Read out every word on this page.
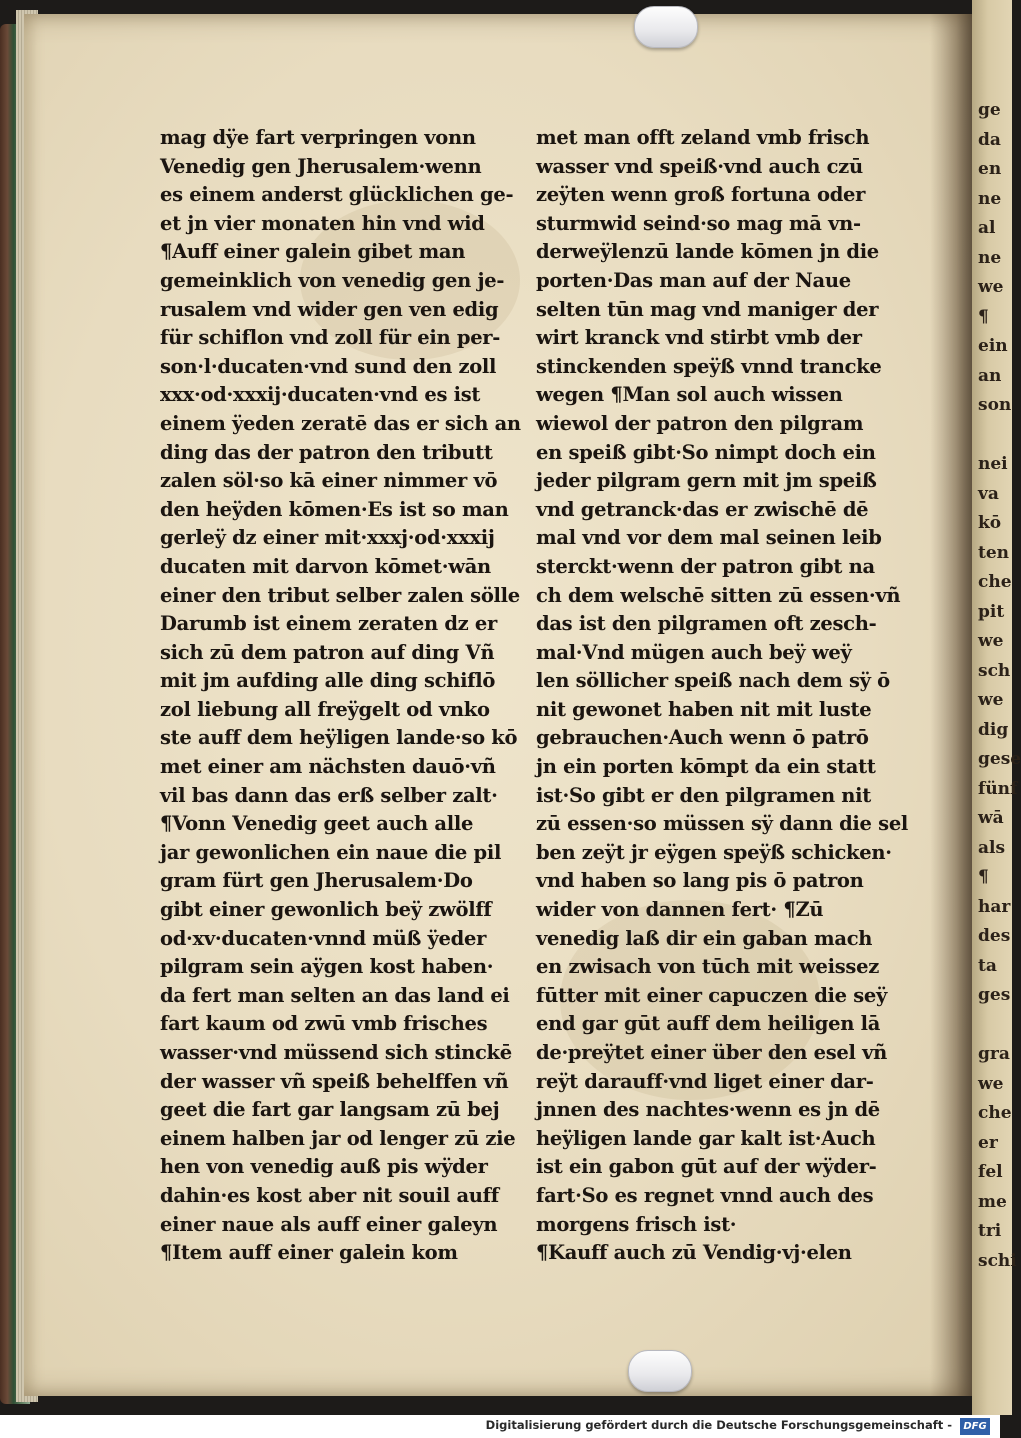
mag dÿe fart verpringen vonn
Venedig gen Jherusalem·wenn
es einem anderst glücklichen ge-
et jn vier monaten hin vnd wid
¶Auff einer galein gibet man
gemeinklich von venedig gen je-
rusalem vnd wider gen ven edig
für schiflon vnd zoll für ein per-
son·l·ducaten·vnd sund den zoll
xxx·od·xxxij·ducaten·vnd es ist
einem ÿeden zeratē das er sich an
ding das der patron den tributt
zalen söl·so kā einer nimmer vō
den heÿden kōmen·Es ist so man
gerleÿ dz einer mit·xxxj·od·xxxij
ducaten mit darvon kōmet·wān
einer den tribut selber zalen sölle
Darumb ist einem zeraten dz er
sich zū dem patron auf ding Vñ
mit jm aufding alle ding schiflō
zol liebung all freÿgelt od vnko
ste auff dem heÿligen lande·so kō
met einer am nächsten dauō·vñ
vil bas dann das erß selber zalt·
¶Vonn Venedig geet auch alle
jar gewonlichen ein naue die pil
gram fürt gen Jherusalem·Do
gibt einer gewonlich beÿ zwölff
od·xv·ducaten·vnnd müß ÿeder
pilgram sein aÿgen kost haben·
da fert man selten an das land ei
fart kaum od zwū vmb frisches
wasser·vnd müssend sich stinckē
der wasser vñ speiß behelffen vñ
geet die fart gar langsam zū bej
einem halben jar od lenger zū zie
hen von venedig auß pis wÿder
dahin·es kost aber nit souil auff
einer naue als auff einer galeyn
¶Item auff einer galein kom
met man offt zeland vmb frisch
wasser vnd speiß·vnd auch czū
zeÿten wenn groß fortuna oder
sturmwid seind·so mag mā vn-
derweÿlenzū lande kōmen jn die
porten·Das man auf der Naue
selten tūn mag vnd maniger der
wirt kranck vnd stirbt vmb der
stinckenden speÿß vnnd trancke
wegen ¶Man sol auch wissen
wiewol der patron den pilgram
en speiß gibt·So nimpt doch ein
jeder pilgram gern mit jm speiß
vnd getranck·das er zwischē dē
mal vnd vor dem mal seinen leib
sterckt·wenn der patron gibt na
ch dem welschē sitten zū essen·vñ
das ist den pilgramen oft zesch-
mal·Vnd mügen auch beÿ weÿ
len söllicher speiß nach dem sÿ ō
nit gewonet haben nit mit luste
gebrauchen·Auch wenn ō patrō
jn ein porten kōmpt da ein statt
ist·So gibt er den pilgramen nit
zū essen·so müssen sÿ dann die sel
ben zeÿt jr eÿgen speÿß schicken·
vnd haben so lang pis ō patron
wider von dannen fert· ¶Zū
venedig laß dir ein gaban mach
en zwisach von tūch mit weissez
fūtter mit einer capuczen die seÿ
end gar gūt auff dem heiligen lā
de·preÿtet einer über den esel vñ
reÿt darauff·vnd liget einer dar-
jnnen des nachtes·wenn es jn dē
heÿligen lande gar kalt ist·Auch
ist ein gabon gūt auf der wÿder-
fart·So es regnet vnnd auch des
morgens frisch ist·
¶Kauff auch zū Vendig·vj·elen
ge
da
en
ne
al
ne
we
¶
ein
an
son
nei
va
kō
ten
che
pit
we
sch
we
dig
gese
fünf
wā
als
¶
har
des
ta
ges
gra
we
che
er
fel
me
tri
schi
Digitalisierung gefördert durch die Deutsche Forschungsgemeinschaft -	DFG
